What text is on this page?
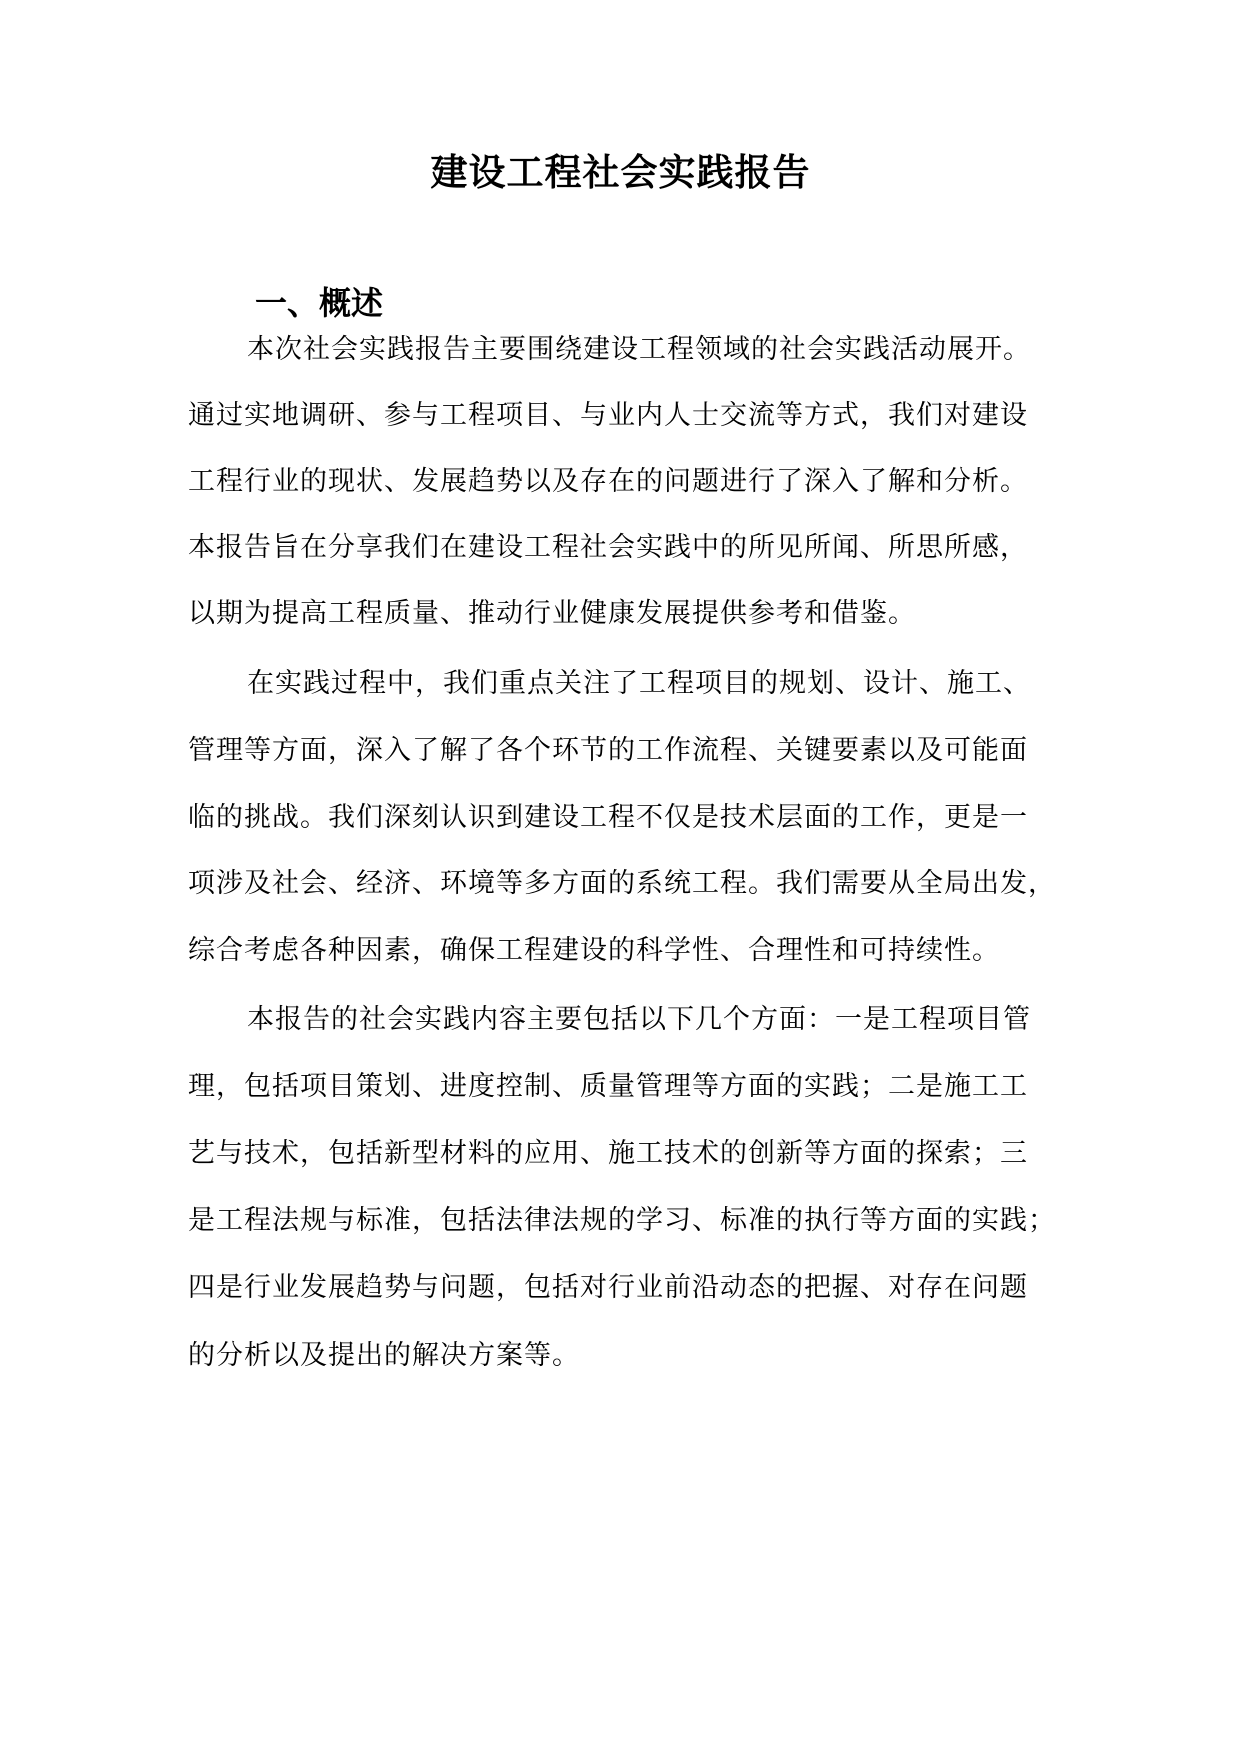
建设工程社会实践报告
一、概述
本次社会实践报告主要围绕建设工程领域的社会实践活动展开。
通过实地调研、参与工程项目、与业内人士交流等方式，我们对建设
工程行业的现状、发展趋势以及存在的问题进行了深入了解和分析。
本报告旨在分享我们在建设工程社会实践中的所见所闻、所思所感，
以期为提高工程质量、推动行业健康发展提供参考和借鉴。
在实践过程中，我们重点关注了工程项目的规划、设计、施工、
管理等方面，深入了解了各个环节的工作流程、关键要素以及可能面
临的挑战。我们深刻认识到建设工程不仅是技术层面的工作，更是一
项涉及社会、经济、环境等多方面的系统工程。我们需要从全局出发，
综合考虑各种因素，确保工程建设的科学性、合理性和可持续性。
本报告的社会实践内容主要包括以下几个方面：一是工程项目管
理，包括项目策划、进度控制、质量管理等方面的实践；二是施工工
艺与技术，包括新型材料的应用、施工技术的创新等方面的探索；三
是工程法规与标准，包括法律法规的学习、标准的执行等方面的实践；
四是行业发展趋势与问题，包括对行业前沿动态的把握、对存在问题
的分析以及提出的解决方案等。
